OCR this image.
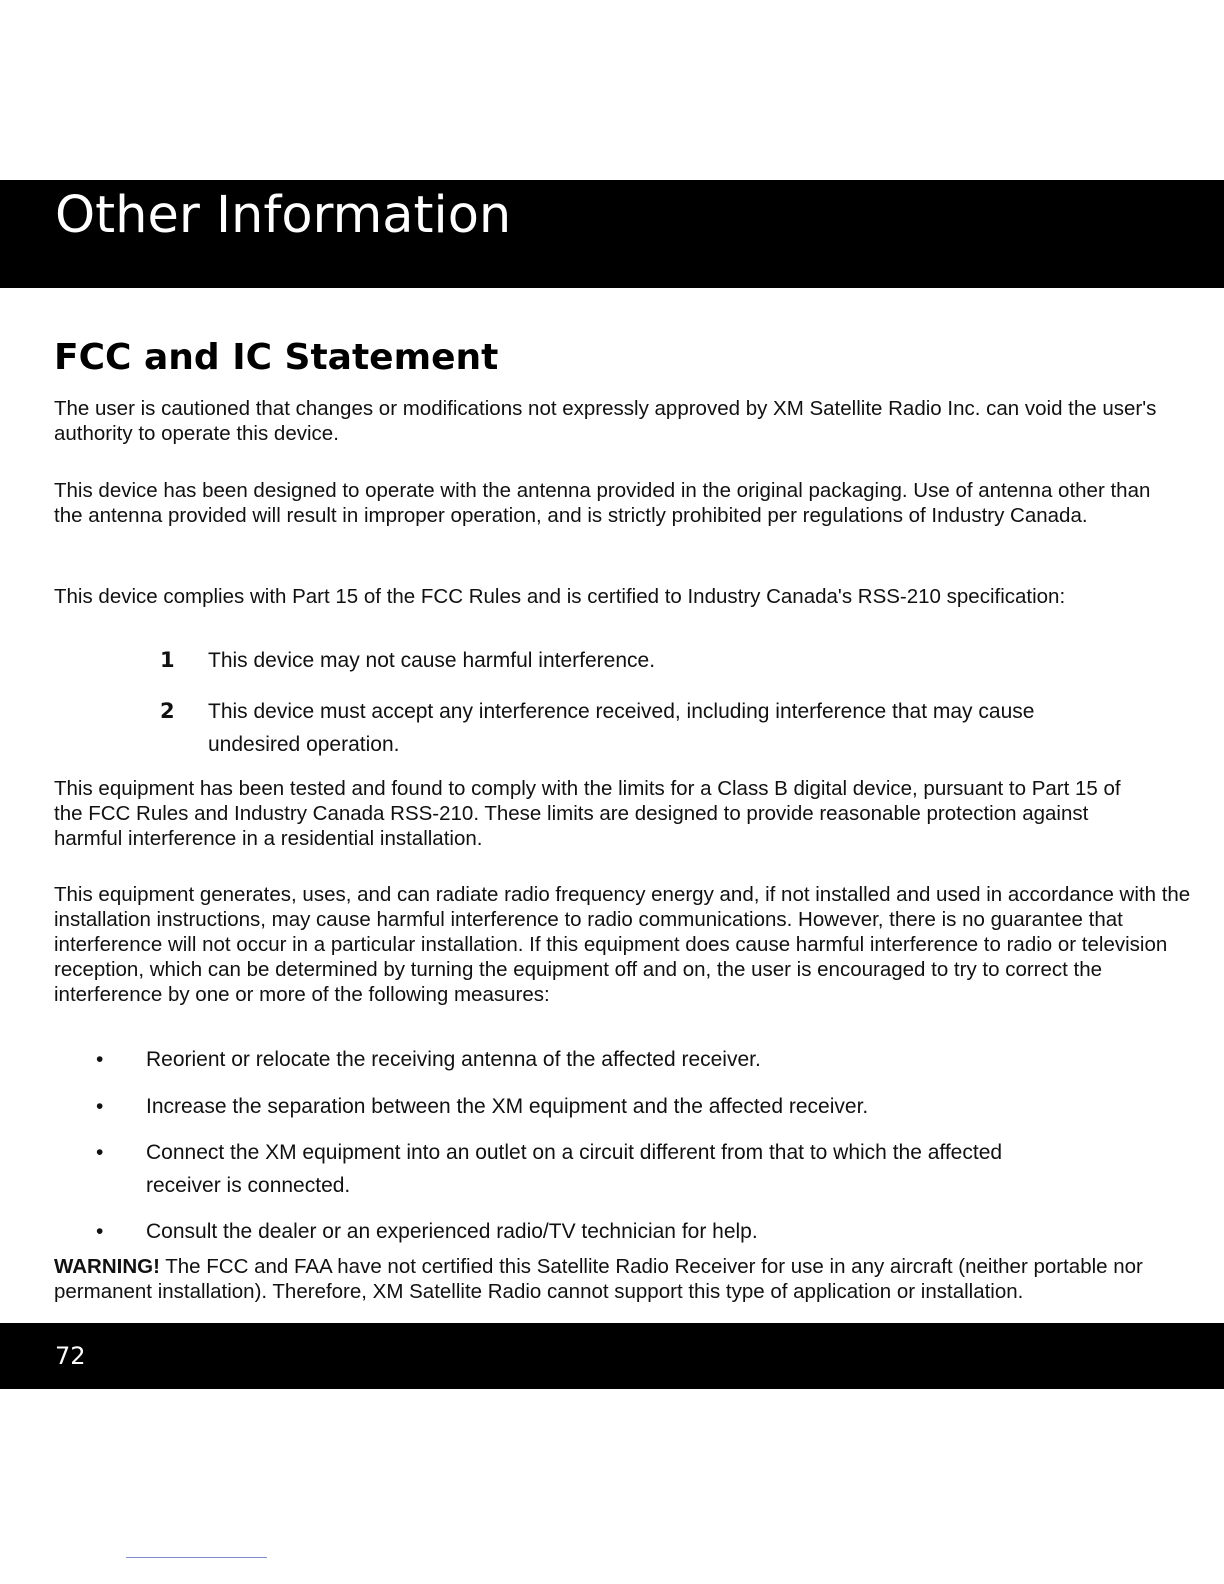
Other Information
FCC and IC Statement

The user is cautioned that changes or modifications not expressly approved by XM Satellite Radio Inc. can void the user's authority to operate this device.

This device has been designed to operate with the antenna provided in the original packaging. Use of antenna other than the antenna provided will result in improper operation, and is strictly prohibited per regulations of Industry Canada.

This device complies with Part 15 of the FCC Rules and is certified to Industry Canada's RSS-210 specification:

1 This device may not cause harmful interference.
2 This device must accept any interference received, including interference that may cause undesired operation.

This equipment has been tested and found to comply with the limits for a Class B digital device, pursuant to Part 15 of the FCC Rules and Industry Canada RSS-210. These limits are designed to provide reasonable protection against harmful interference in a residential installation.

This equipment generates, uses, and can radiate radio frequency energy and, if not installed and used in accordance with the installation instructions, may cause harmful interference to radio communications. However, there is no guarantee that interference will not occur in a particular installation. If this equipment does cause harmful interference to radio or television reception, which can be determined by turning the equipment off and on, the user is encouraged to try to correct the interference by one or more of the following measures:

•	Reorient or relocate the receiving antenna of the affected receiver.
•	Increase the separation between the XM equipment and the affected receiver.
•	Connect the XM equipment into an outlet on a circuit different from that to which the affected receiver is connected.
•	Consult the dealer or an experienced radio/TV technician for help.
WARNING! The FCC and FAA have not certified this Satellite Radio Receiver for use in any aircraft (neither portable nor permanent installation). Therefore, XM Satellite Radio cannot support this type of application or installation.
72
